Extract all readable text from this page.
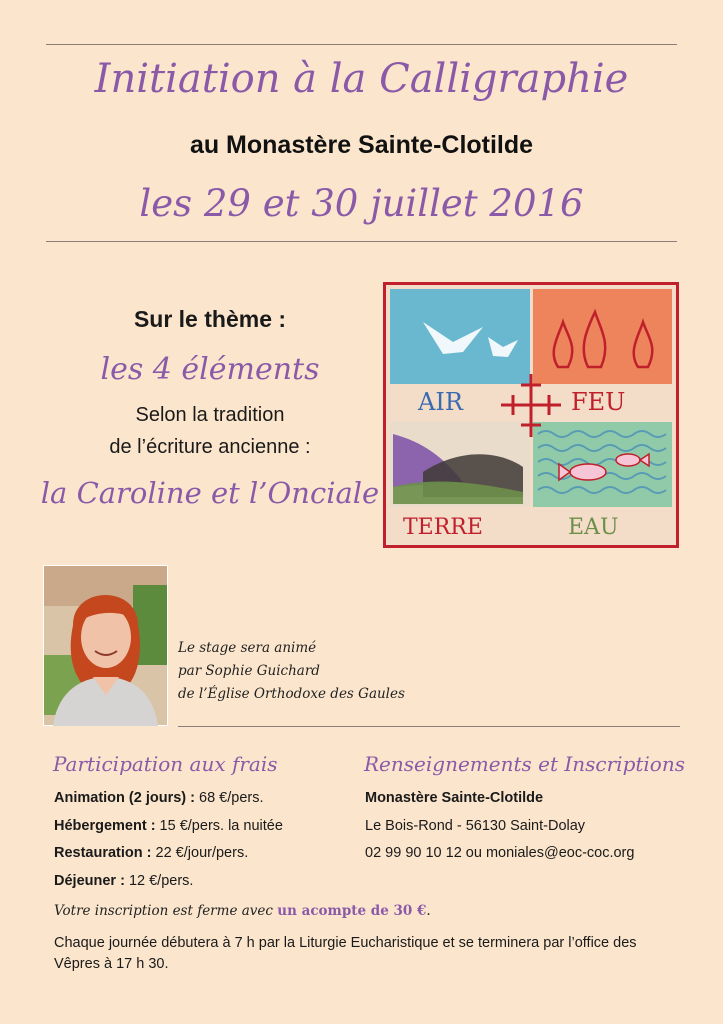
Initiation à la Calligraphie
au Monastère Sainte-Clotilde
les 29 et 30 juillet 2016
Sur le thème :
les 4 éléments
Selon la tradition
de l’écriture ancienne :
la Caroline et l’Onciale
AIR	FEU
TERRE	EAU
Le stage sera animé
par Sophie Guichard
de l’Église Orthodoxe des Gaules
Participation aux frais	Renseignements et Inscriptions
Animation (2 jours) : 68 €/pers.
Hébergement : 15 €/pers. la nuitée
Restauration : 22 €/jour/pers.
Déjeuner : 12 €/pers.
Monastère Sainte-Clotilde
Le Bois-Rond - 56130 Saint-Dolay
02 99 90 10 12 ou moniales@eoc-coc.org
Votre inscription est ferme avec un acompte de 30 €.
Chaque journée débutera à 7 h par la Liturgie Eucharistique et se terminera par l’office des Vêpres à 17 h 30.
